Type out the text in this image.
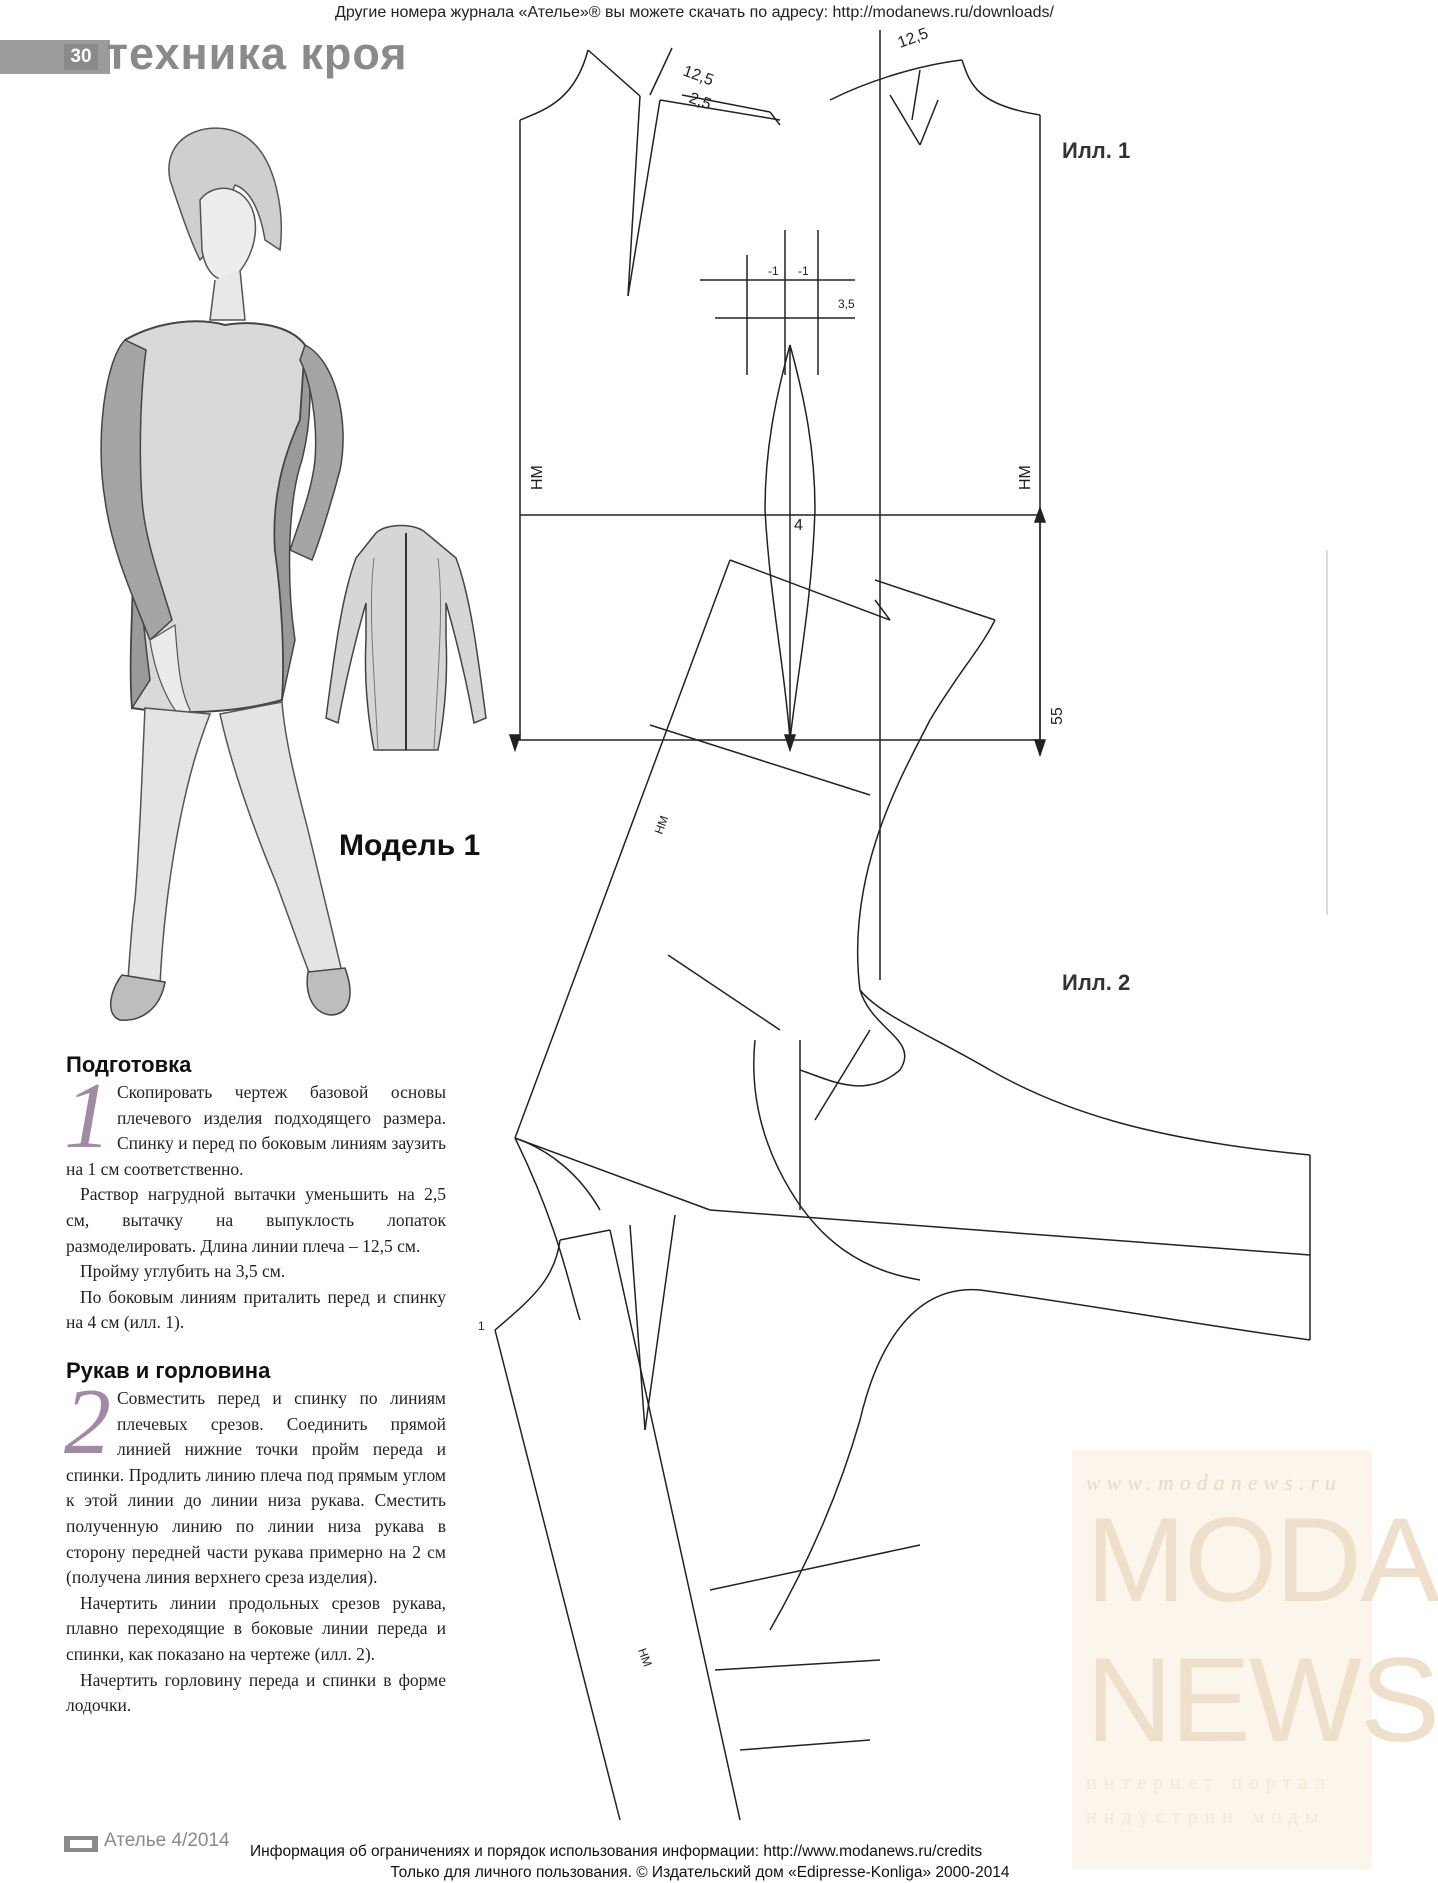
Другие номера журнала «Ателье»® вы можете скачать по адресу: http://modanews.ru/downloads/
30 техника кроя
Модель 1
12,5
2,5
12,5
-1 -1
3,5
4
НМ	НМ
55
НМ
НМ
1
Илл. 1
Илл. 2
Подготовка

1 Скопировать чертеж базовой основы плечевого изделия подходящего размера. Спинку и перед по боковым линиям заузить на 1 см соответственно.

Раствор нагрудной вытачки уменьшить на 2,5 см, вытачку на выпуклость лопаток размоделировать. Длина линии плеча – 12,5 см.

Пройму углубить на 3,5 см.

По боковым линиям приталить перед и спинку на 4 см (илл. 1).

Рукав и горловина

2 Совместить перед и спинку по линиям плечевых срезов. Соединить прямой линией нижние точки пройм переда и спинки. Продлить линию плеча под прямым углом к этой линии до линии низа рукава. Сместить полученную линию по линии низа рукава в сторону передней части рукава примерно на 2 см (получена линия верхнего среза изделия).

Начертить линии продольных срезов рукава, плавно переходящие в боковые линии переда и спинки, как показано на чертеже (илл. 2).

Начертить горловину переда и спинки в форме лодочки.

www.modanews.ru
MODA
NEWS
интернет портал
индустрии моды
Ателье 4/2014
Информация об ограничениях и порядок использования информации: http://www.modanews.ru/credits
Только для личного пользования. © Издательский дом «Edipresse-Konliga» 2000-2014
